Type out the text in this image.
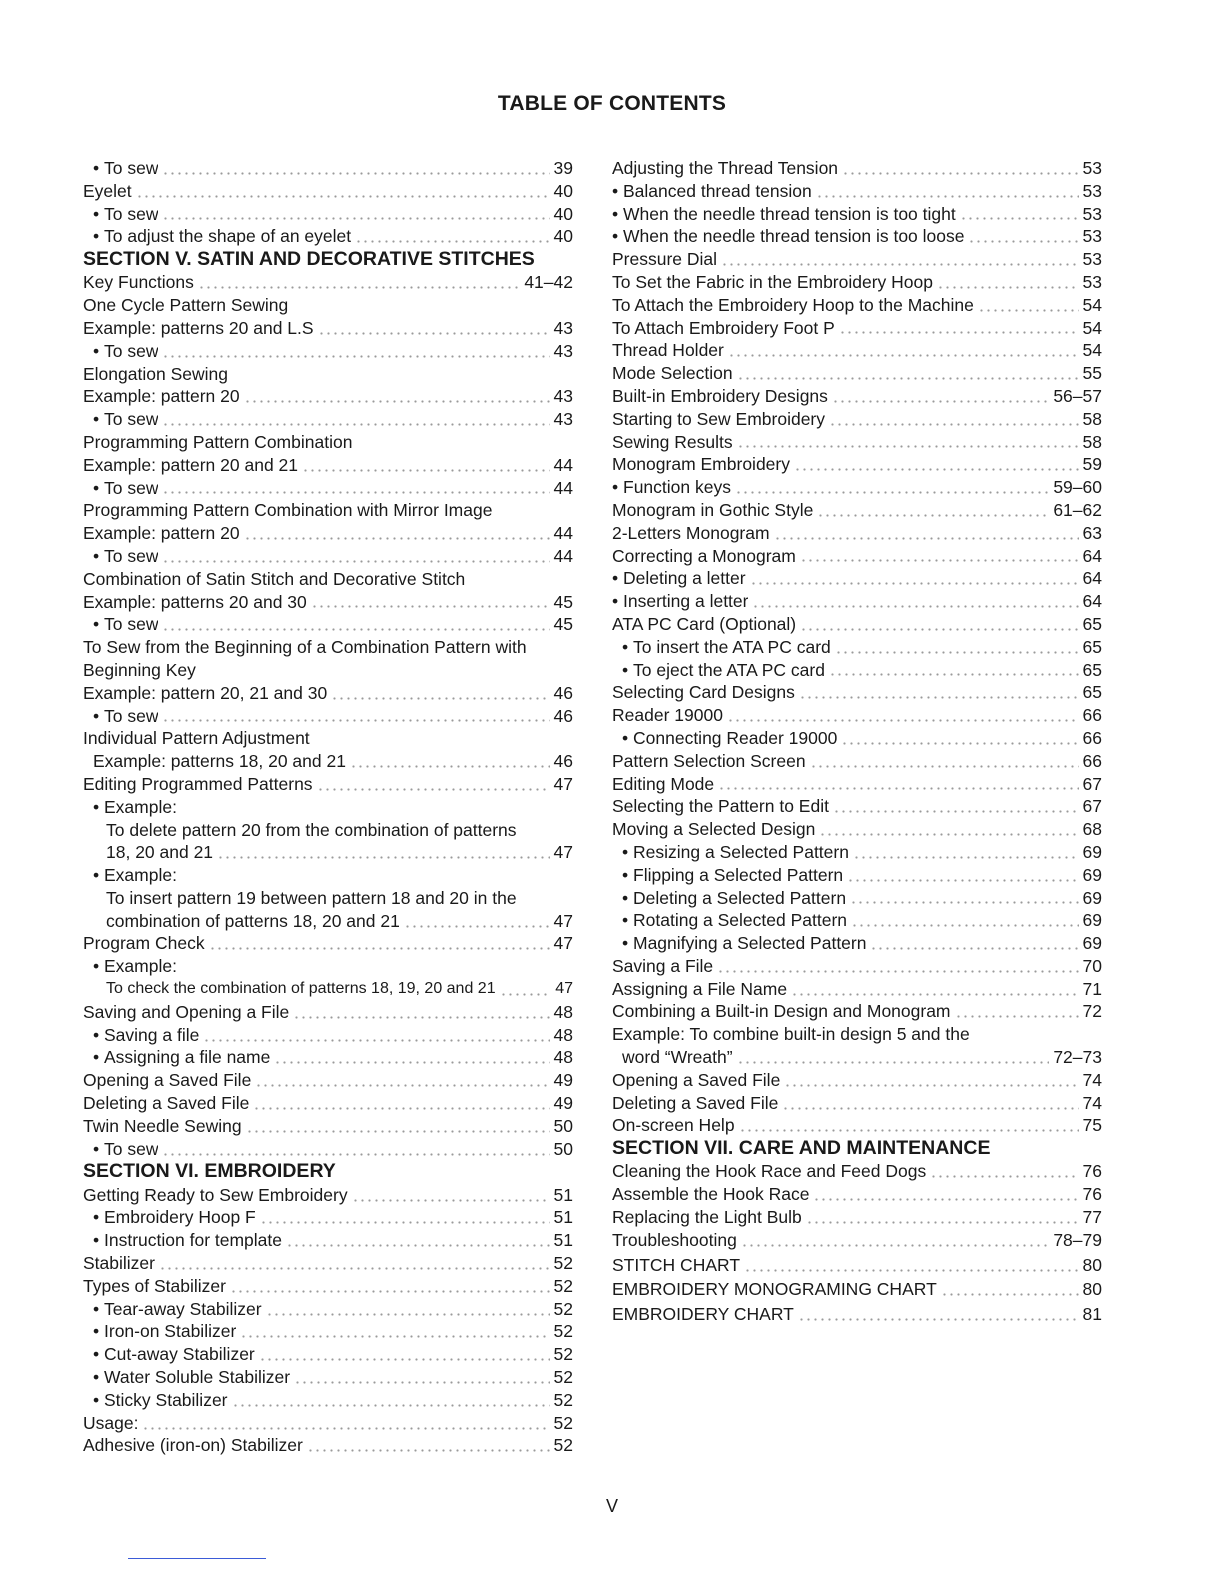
TABLE OF CONTENTS
• To sew	39
Eyelet	40
• To sew	40
• To adjust the shape of an eyelet	40
SECTION V. SATIN AND DECORATIVE STITCHES
Key Functions	41–42
One Cycle Pattern Sewing
Example: patterns 20 and L.S	43
• To sew	43
Elongation Sewing
Example: pattern 20	43
• To sew	43
Programming Pattern Combination
Example: pattern 20 and 21	44
• To sew	44
Programming Pattern Combination with Mirror Image
Example: pattern 20	44
• To sew	44
Combination of Satin Stitch and Decorative Stitch
Example: patterns 20 and 30	45
• To sew	45
To Sew from the Beginning of a Combination Pattern with
Beginning Key
Example: pattern 20, 21 and 30	46
• To sew	46
Individual Pattern Adjustment
Example: patterns 18, 20 and 21	46
Editing Programmed Patterns	47
• Example:
To delete pattern 20 from the combination of patterns
18, 20 and 21	47
• Example:
To insert pattern 19 between pattern 18 and 20 in the
combination of patterns 18, 20 and 21	47
Program Check	47
• Example:
To check the combination of patterns 18, 19, 20 and 21	47
Saving and Opening a File	48
• Saving a file	48
• Assigning a file name	48
Opening a Saved File	49
Deleting a Saved File	49
Twin Needle Sewing	50
• To sew	50
SECTION VI. EMBROIDERY
Getting Ready to Sew Embroidery	51
• Embroidery Hoop F	51
• Instruction for template	51
Stabilizer	52
Types of Stabilizer	52
• Tear-away Stabilizer	52
• Iron-on Stabilizer	52
• Cut-away Stabilizer	52
• Water Soluble Stabilizer	52
• Sticky Stabilizer	52
Usage:	52
Adhesive (iron-on) Stabilizer	52
Adjusting the Thread Tension	53
• Balanced thread tension	53
• When the needle thread tension is too tight	53
• When the needle thread tension is too loose	53
Pressure Dial	53
To Set the Fabric in the Embroidery Hoop	53
To Attach the Embroidery Hoop to the Machine	54
To Attach Embroidery Foot P	54
Thread Holder	54
Mode Selection	55
Built-in Embroidery Designs	56–57
Starting to Sew Embroidery	58
Sewing Results	58
Monogram Embroidery	59
• Function keys	59–60
Monogram in Gothic Style	61–62
2-Letters Monogram	63
Correcting a Monogram	64
• Deleting a letter	64
• Inserting a letter	64
ATA PC Card (Optional)	65
• To insert the ATA PC card	65
• To eject the ATA PC card	65
Selecting Card Designs	65
Reader 19000	66
• Connecting Reader 19000	66
Pattern Selection Screen	66
Editing Mode	67
Selecting the Pattern to Edit	67
Moving a Selected Design	68
• Resizing a Selected Pattern	69
• Flipping a Selected Pattern	69
• Deleting a Selected Pattern	69
• Rotating a Selected Pattern	69
• Magnifying a Selected Pattern	69
Saving a File	70
Assigning a File Name	71
Combining a Built-in Design and Monogram	72
Example: To combine built-in design 5 and the
word “Wreath”	72–73
Opening a Saved File	74
Deleting a Saved File	74
On-screen Help	75
SECTION VII. CARE AND MAINTENANCE
Cleaning the Hook Race and Feed Dogs	76
Assemble the Hook Race	76
Replacing the Light Bulb	77
Troubleshooting	78–79
STITCH CHART	80
EMBROIDERY MONOGRAMING CHART	80
EMBROIDERY CHART	81
V
